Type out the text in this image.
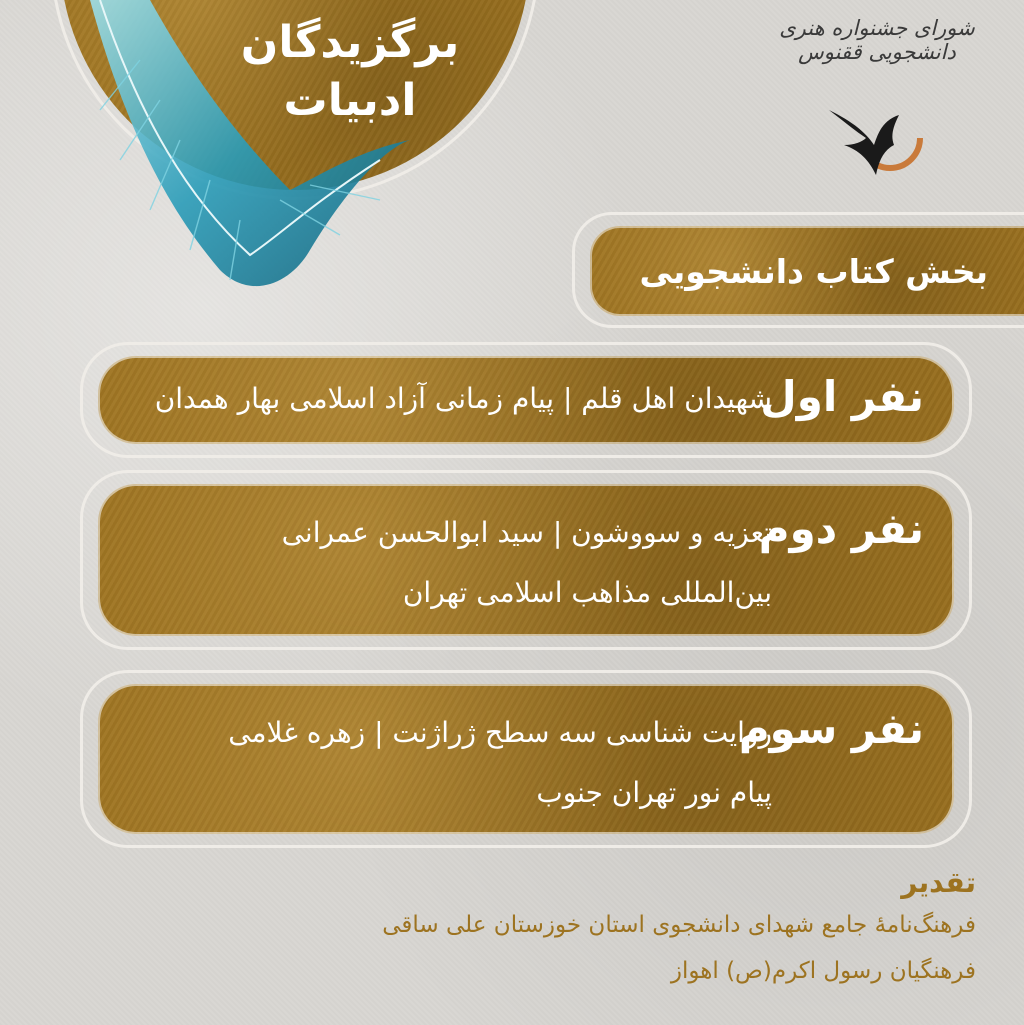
برگزیدگان
ادبیات
شورای جشنواره هنری دانشجویی ققنوس
بخش کتاب دانشجویی
نفر اول
شهیدان اهل قلم | پیام زمانی آزاد اسلامی بهار همدان
نفر دوم
تعزیه و سووشون | سید ابوالحسن عمرانی
بین‌المللی مذاهب اسلامی تهران
نفر سوم
روایت شناسی سه سطح ژراژنت | زهره غلامی
پیام نور تهران جنوب
تقدیر
فرهنگ‌نامهٔ جامع شهدای دانشجوی استان خوزستان علی ساقی
فرهنگیان رسول اکرم(ص) اهواز
